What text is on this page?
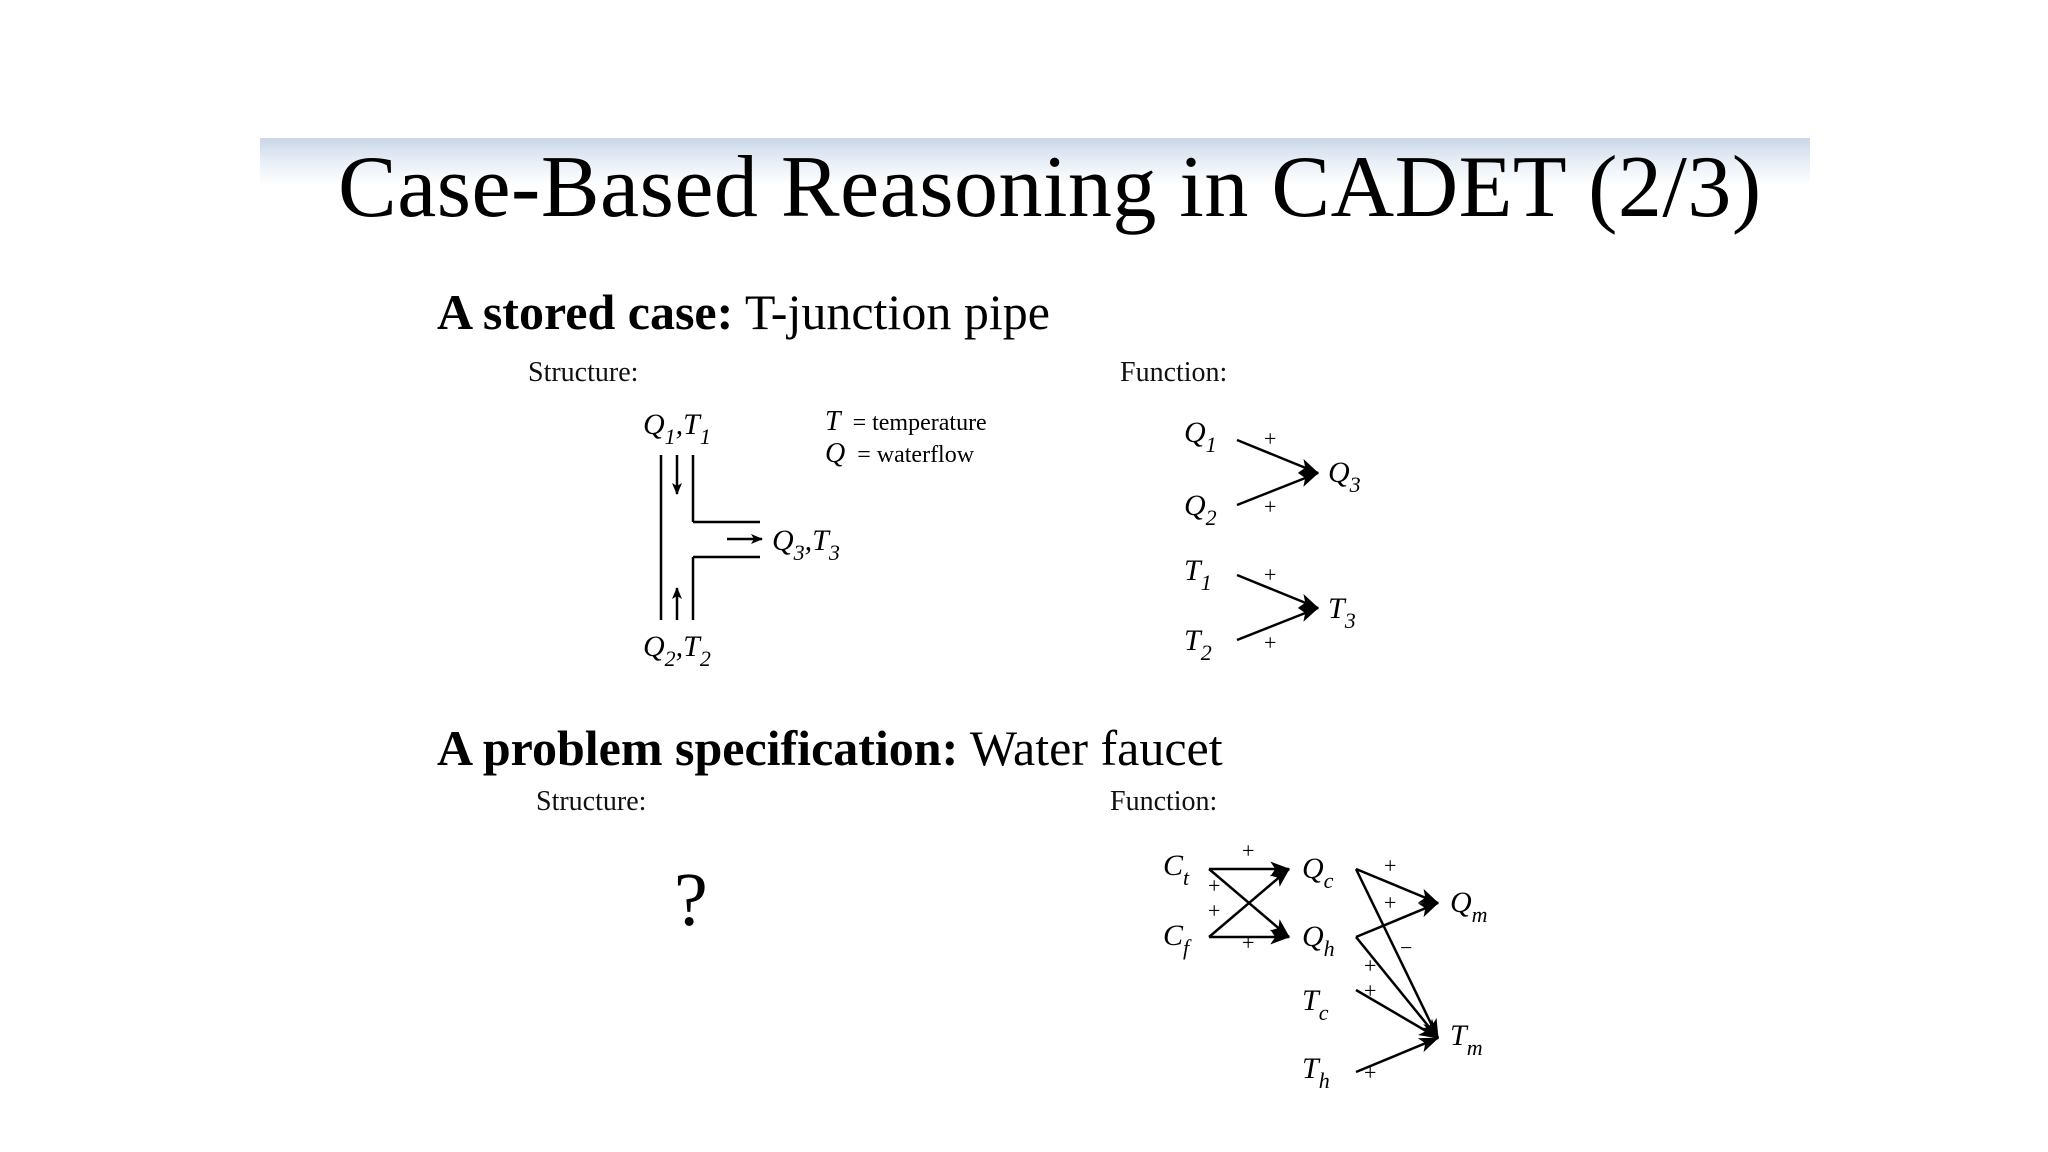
Case-Based Reasoning in CADET (2/3)
A stored case: T-junction pipe
Structure:	Function:
T = temperature
Q = waterflow
A problem specification: Water faucet
Structure:	Function:
?
Q1,T1
Q2,T2
Q3,T3
Q1
Q2
Q3
T1
T2
T3
+
+
+
+
Ct
Cf
Qc
Qh
Tc
Th
Qm
Tm
+
+
+
+
+
+
−
+
+
+
